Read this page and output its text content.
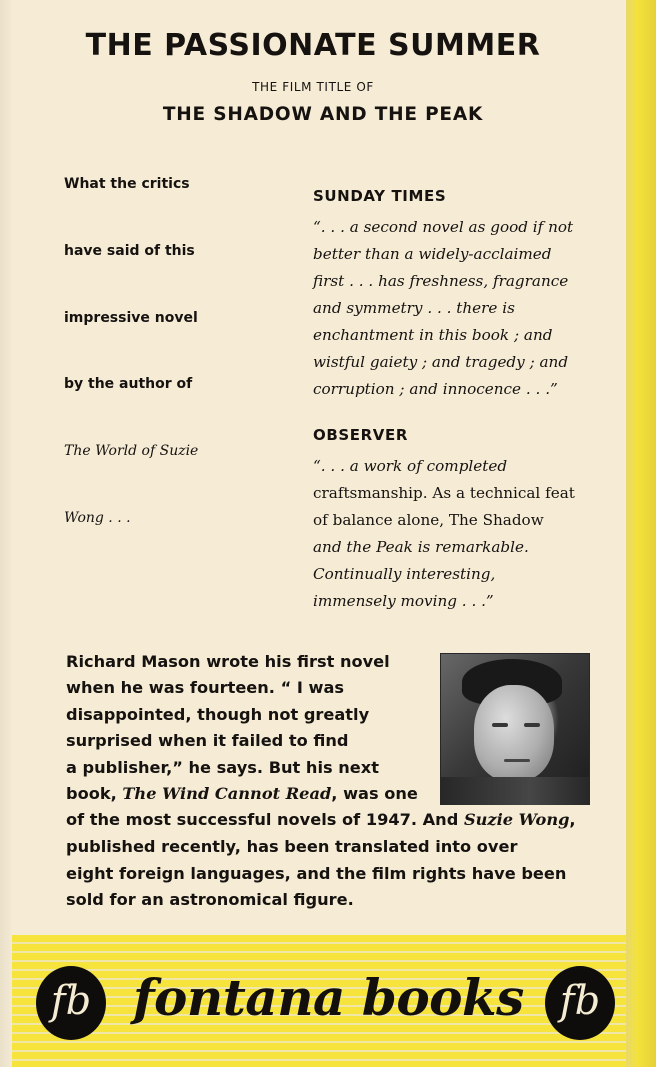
THE PASSIONATE SUMMER
THE FILM TITLE OF
THE SHADOW AND THE PEAK
What the critics
have said of this
impressive novel
by the author of
The World of Suzie
Wong . . .
SUNDAY TIMES
“. . . a second novel as good if not
better than a widely-acclaimed
first . . . has freshness, fragrance
and symmetry . . . there is
enchantment in this book ; and
wistful gaiety ; and tragedy ; and
corruption ; and innocence . . .”
OBSERVER
“. . . a work of completed
craftsmanship. As a technical feat
of balance alone, The Shadow
and the Peak is remarkable.
Continually interesting,
immensely moving . . .”
Richard Mason wrote his first novel
when he was fourteen. “ I was
disappointed, though not greatly
surprised when it failed to find
a publisher,” he says. But his next
book, The Wind Cannot Read, was one
of the most successful novels of 1947. And Suzie Wong,
published recently, has been translated into over
eight foreign languages, and the film rights have been
sold for an astronomical figure.
fb fontana books fb
